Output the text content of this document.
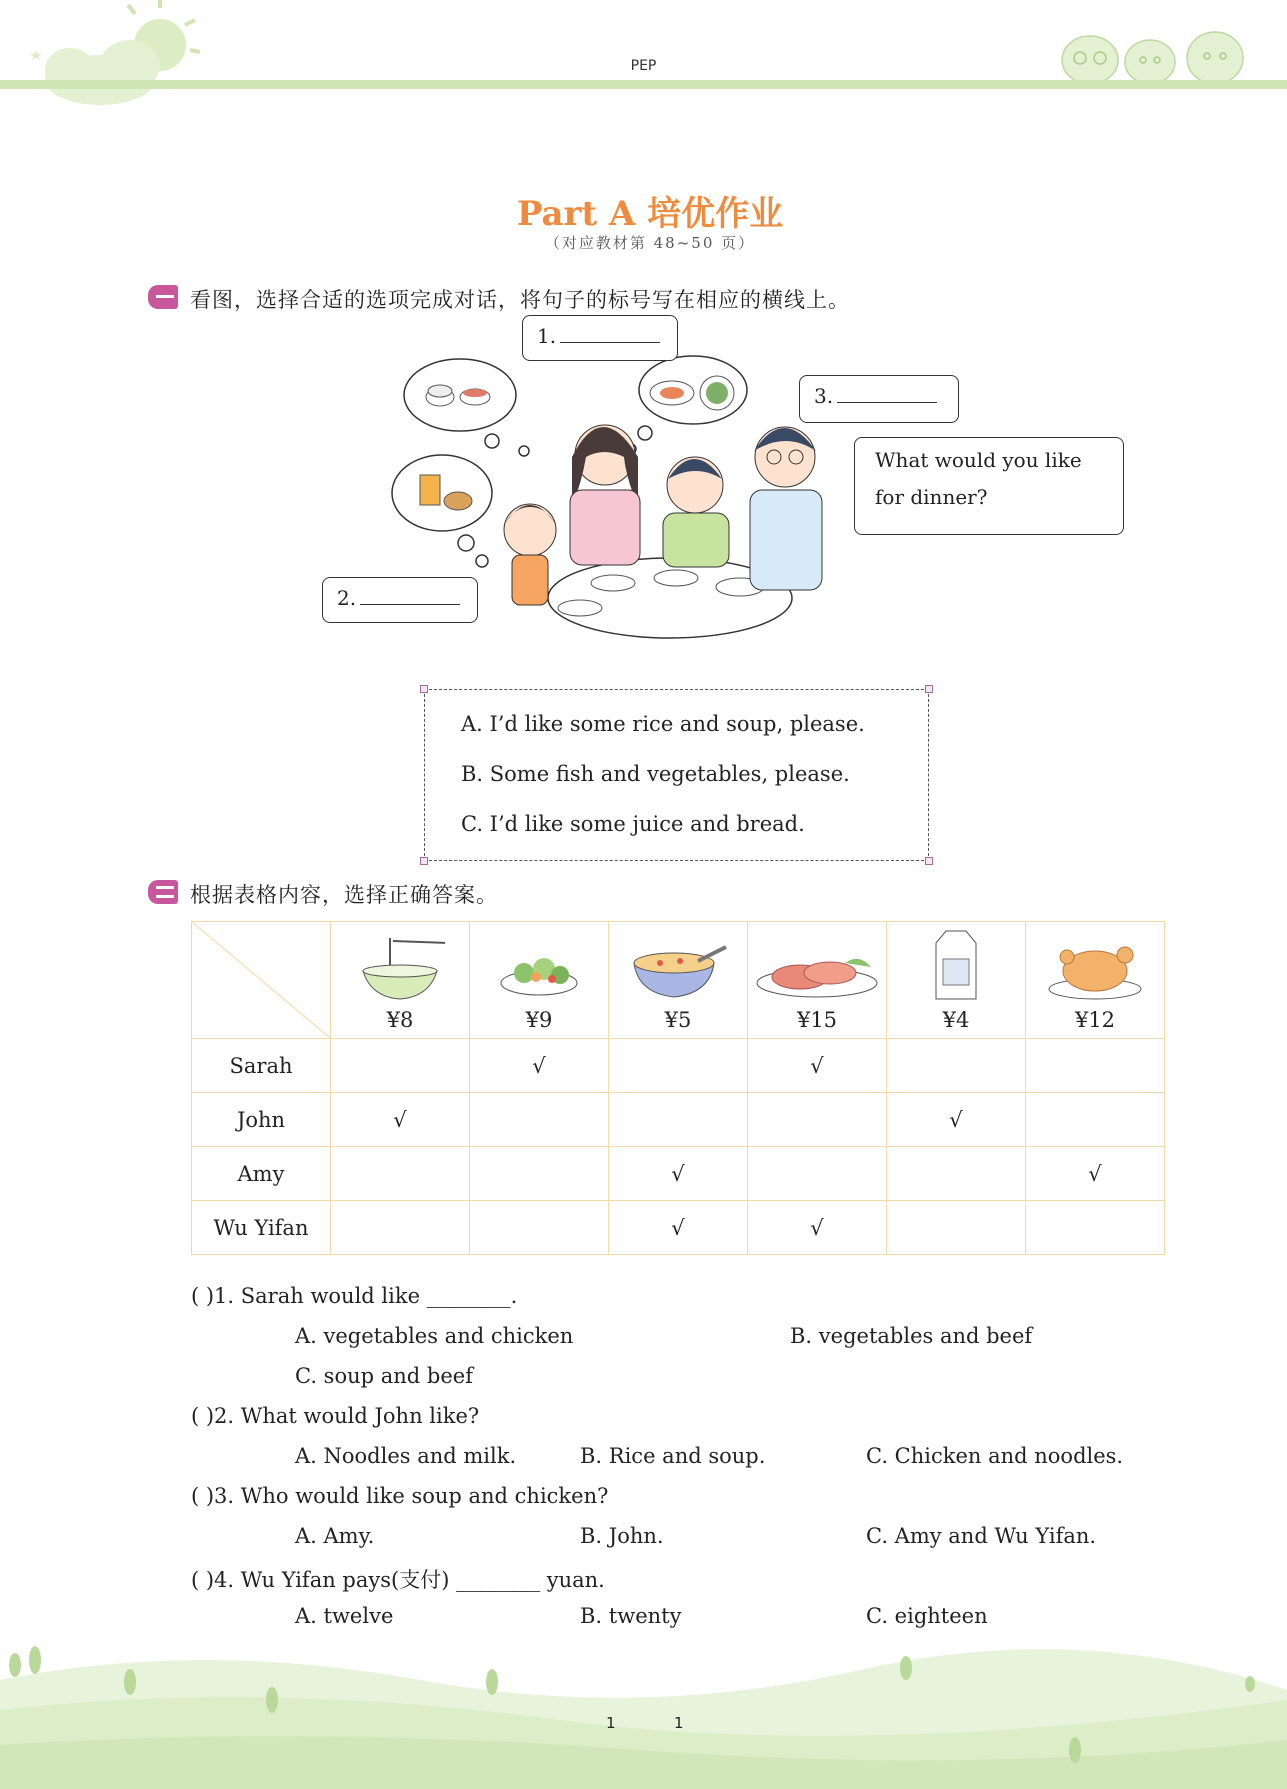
PEP
Part A 培优作业
（对应教材第 48~50 页）
看图，选择合适的选项完成对话，将句子的标号写在相应的横线上。
1.
2.
3.
What would you like
for dinner?
A. I’d like some rice and soup, please.
B. Some fish and vegetables, please.
C. I’d like some juice and bread.
根据表格内容，选择正确答案。

	¥8	¥9	¥5	¥15	¥4	¥12

Sarah		√		√		
John	√				√	
Amy			√			√
Wu Yifan			√	√		
( )1. Sarah would like ________.
A. vegetables and chicken	B. vegetables and beef
C. soup and beef
( )2. What would John like?
A. Noodles and milk.	B. Rice and soup.	C. Chicken and noodles.
( )3. Who would like soup and chicken?
A. Amy.	B. John.	C. Amy and Wu Yifan.
( )4. Wu Yifan pays(支付) ________ yuan.
A. twelve	B. twenty	C. eighteen
1	1
